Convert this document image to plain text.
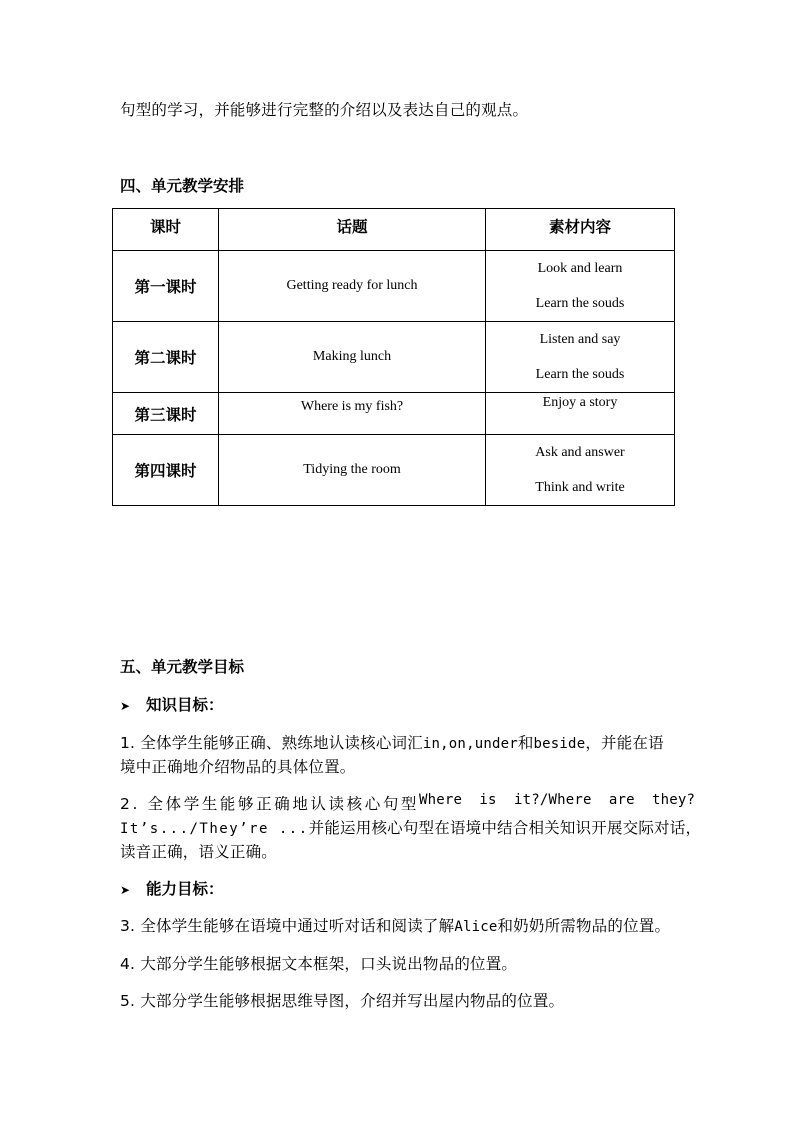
句型的学习，并能够进行完整的介绍以及表达自己的观点。
四、单元教学安排
课时	话题	素材内容
第一课时	Getting ready for lunch	Look and learn
Learn the souds

第二课时	Making lunch	Listen and say
Learn the souds

第三课时	Where is my fish?	Enjoy a story

第四课时	Tidying the room	Ask and answer
Think and write
五、单元教学目标
➤ 知识目标：
1. 全体学生能够正确、熟练地认读核心词汇in,on,under和beside，并能在语
境中正确地介绍物品的具体位置。
2. 全体学生能够正确地认读核心句型 Where  is  it?/Where  are  they?
It’s.../They’re ...并能运用核心句型在语境中结合相关知识开展交际对话，
读音正确，语义正确。
➤ 能力目标：
3. 全体学生能够在语境中通过听对话和阅读了解Alice和奶奶所需物品的位置。
4. 大部分学生能够根据文本框架，口头说出物品的位置。
5. 大部分学生能够根据思维导图，介绍并写出屋内物品的位置。
